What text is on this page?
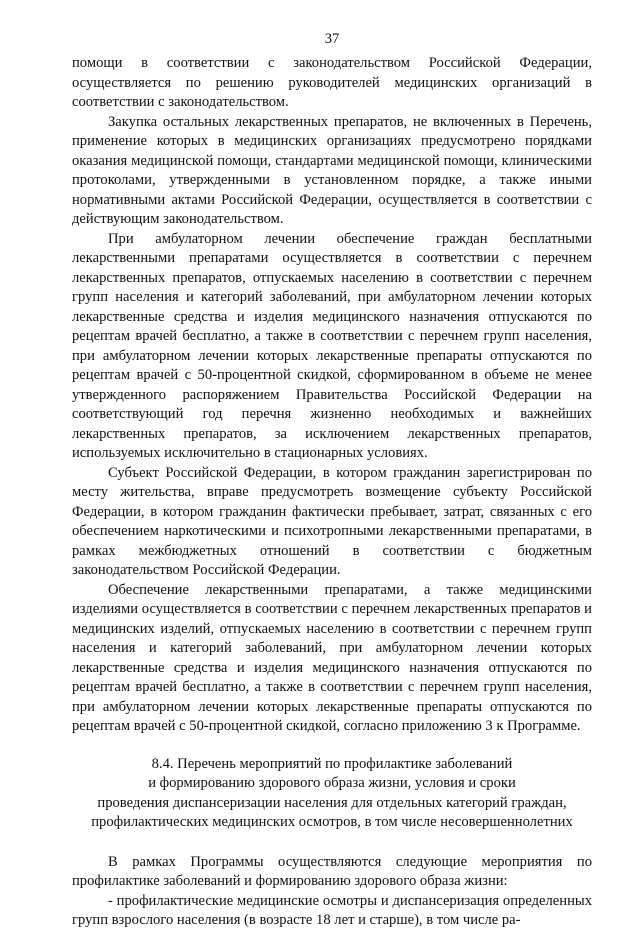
37

помощи в соответствии с законодательством Российской Федерации, осуществляется по решению руководителей медицинских организаций в соответствии с законодательством.

Закупка остальных лекарственных препаратов, не включенных в Перечень, применение которых в медицинских организациях предусмотрено порядками оказания медицинской помощи, стандартами медицинской помощи, клиническими протоколами, утвержденными в установленном порядке, а также иными нормативными актами Российской Федерации, осуществляется в соответствии с действующим законодательством.

При амбулаторном лечении обеспечение граждан бесплатными лекарственными препаратами осуществляется в соответствии с перечнем лекарственных препаратов, отпускаемых населению в соответствии с перечнем групп населения и категорий заболеваний, при амбулаторном лечении которых лекарственные средства и изделия медицинского назначения отпускаются по рецептам врачей бесплатно, а также в соответствии с перечнем групп населения, при амбулаторном лечении которых лекарственные препараты отпускаются по рецептам врачей с 50-процентной скидкой, сформированном в объеме не менее утвержденного распоряжением Правительства Российской Федерации на соответствующий год перечня жизненно необходимых и важнейших лекарственных препаратов, за исключением лекарственных препаратов, используемых исключительно в стационарных условиях.

Субъект Российской Федерации, в котором гражданин зарегистрирован по месту жительства, вправе предусмотреть возмещение субъекту Российской Федерации, в котором гражданин фактически пребывает, затрат, связанных с его обеспечением наркотическими и психотропными лекарственными препаратами, в рамках межбюджетных отношений в соответствии с бюджетным законодательством Российской Федерации.

Обеспечение лекарственными препаратами, а также медицинскими изделиями осуществляется в соответствии с перечнем лекарственных препаратов и медицинских изделий, отпускаемых населению в соответствии с перечнем групп населения и категорий заболеваний, при амбулаторном лечении которых лекарственные средства и изделия медицинского назначения отпускаются по рецептам врачей бесплатно, а также в соответствии с перечнем групп населения, при амбулаторном лечении которых лекарственные препараты отпускаются по рецептам врачей с 50-процентной скидкой, согласно приложению 3 к Программе.

8.4. Перечень мероприятий по профилактике заболеваний
и формированию здорового образа жизни, условия и сроки
проведения диспансеризации населения для отдельных категорий граждан,
профилактических медицинских осмотров, в том числе несовершеннолетних

В рамках Программы осуществляются следующие мероприятия по профилактике заболеваний и формированию здорового образа жизни:

- профилактические медицинские осмотры и диспансеризация определенных групп взрослого населения (в возрасте 18 лет и старше), в том числе ра-
